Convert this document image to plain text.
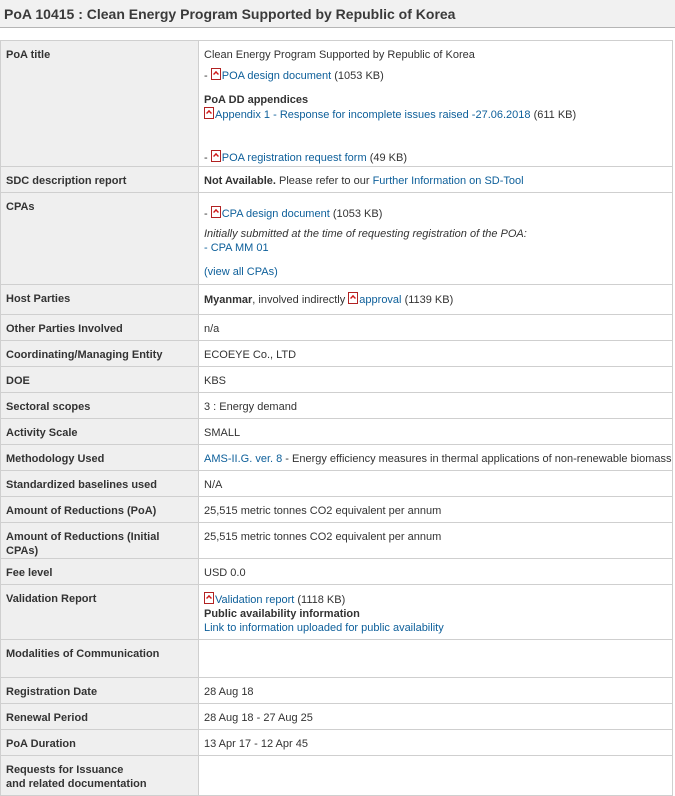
PoA 10415 : Clean Energy Program Supported by Republic of Korea
PoA title	Clean Energy Program Supported by Republic of Korea
- POA design document (1053 KB)
PoA DD appendices
Appendix 1 - Response for incomplete issues raised -27.06.2018 (611 KB)
- POA registration request form (49 KB)

SDC description report	Not Available. Please refer to our Further Information on SD-Tool
CPAs	- CPA design document (1053 KB)
Initially submitted at the time of requesting registration of the POA:
- CPA MM 01
(view all CPAs)

Host Parties	Myanmar, involved indirectly approval (1139 KB)
Other Parties Involved	n/a
Coordinating/Managing Entity	ECOEYE Co., LTD
DOE	KBS
Sectoral scopes	3 : Energy demand
Activity Scale	SMALL
Methodology Used	AMS-II.G. ver. 8 - Energy efficiency measures in thermal applications of non-renewable biomass
Standardized baselines used	N/A
Amount of Reductions (PoA)	25,515 metric tonnes CO2 equivalent per annum
Amount of Reductions (Initial CPAs)	25,515 metric tonnes CO2 equivalent per annum
Fee level	USD 0.0
Validation Report	Validation report (1118 KB)
Public availability information
Link to information uploaded for public availability

Modalities of Communication	
Registration Date	28 Aug 18
Renewal Period	28 Aug 18 - 27 Aug 25
PoA Duration	13 Apr 17 - 12 Apr 45

Requests for Issuance
and related documentation	
